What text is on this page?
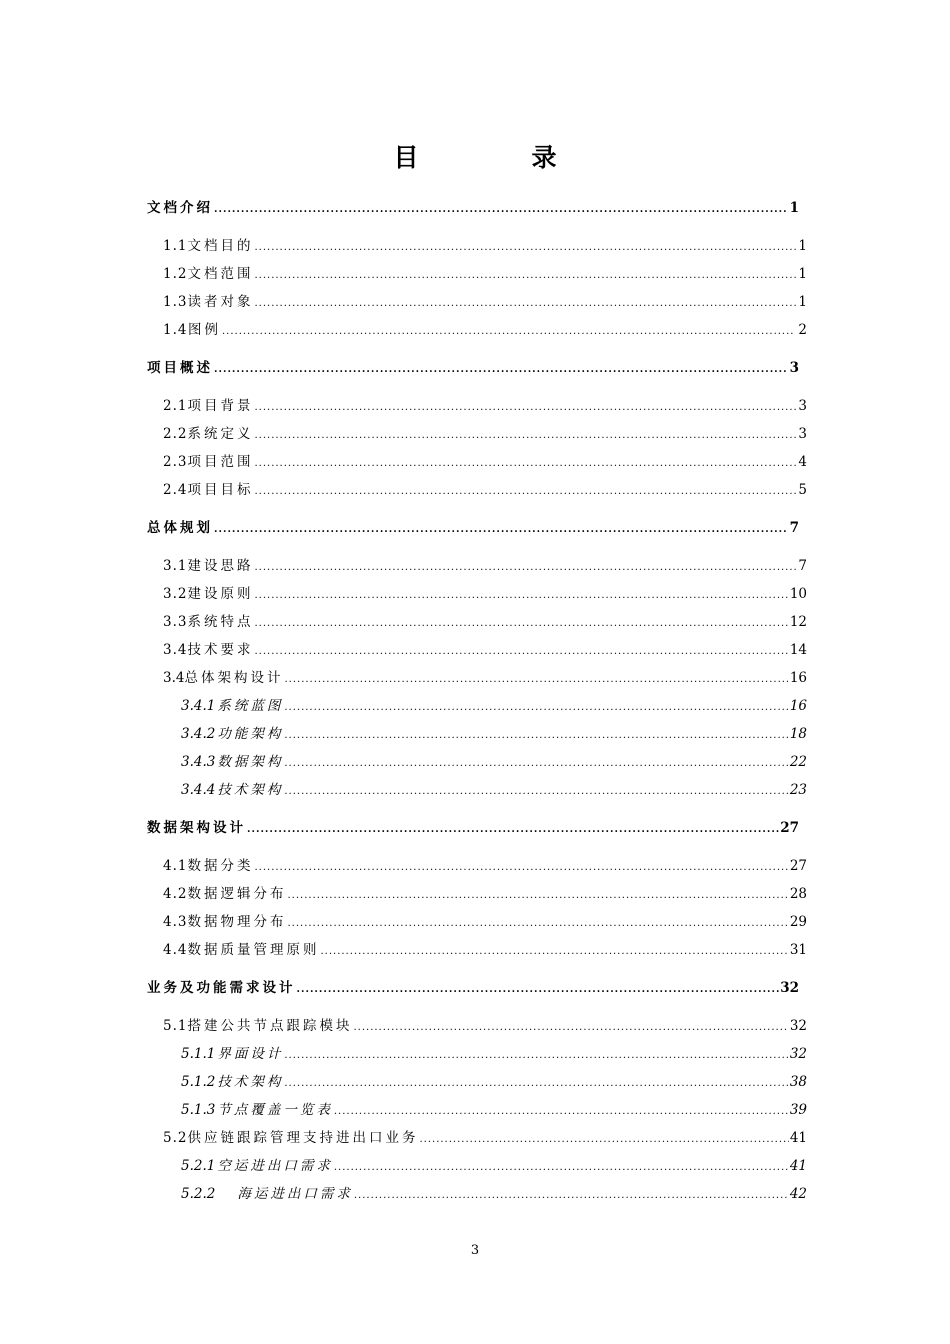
目　录
文档介绍 .....	1
1.1 文档目的 .....	1
1.2 文档范围 .....	1
1.3 读者对象 .....	1
1.4 图例 .....	2
项目概述 .....	3
2.1 项目背景 .....	3
2.2 系统定义 .....	3
2.3 项目范围 .....	4
2.4 项目目标 .....	5
总体规划 .....	7
3.1 建设思路 .....	7
3.2 建设原则 .....	10
3.3 系统特点 .....	12
3.4 技术要求 .....	14
3.4 总体架构设计 .....	16
3.4.1 系统蓝图 .....	16
3.4.2 功能架构 .....	18
3.4.3 数据架构 .....	22
3.4.4 技术架构 .....	23
数据架构设计 .....	27
4.1 数据分类 .....	27
4.2 数据逻辑分布 .....	28
4.3 数据物理分布 .....	29
4.4 数据质量管理原则 .....	31
业务及功能需求设计 .....	32
5.1 搭建公共节点跟踪模块 .....	32
5.1.1 界面设计 .....	32
5.1.2 技术架构 .....	38
5.1.3 节点覆盖一览表 .....	39
5.2 供应链跟踪管理支持进出口业务 .....	41
5.2.1 空运进出口需求 .....	41
5.2.2 海运进出口需求 .....	42
3
